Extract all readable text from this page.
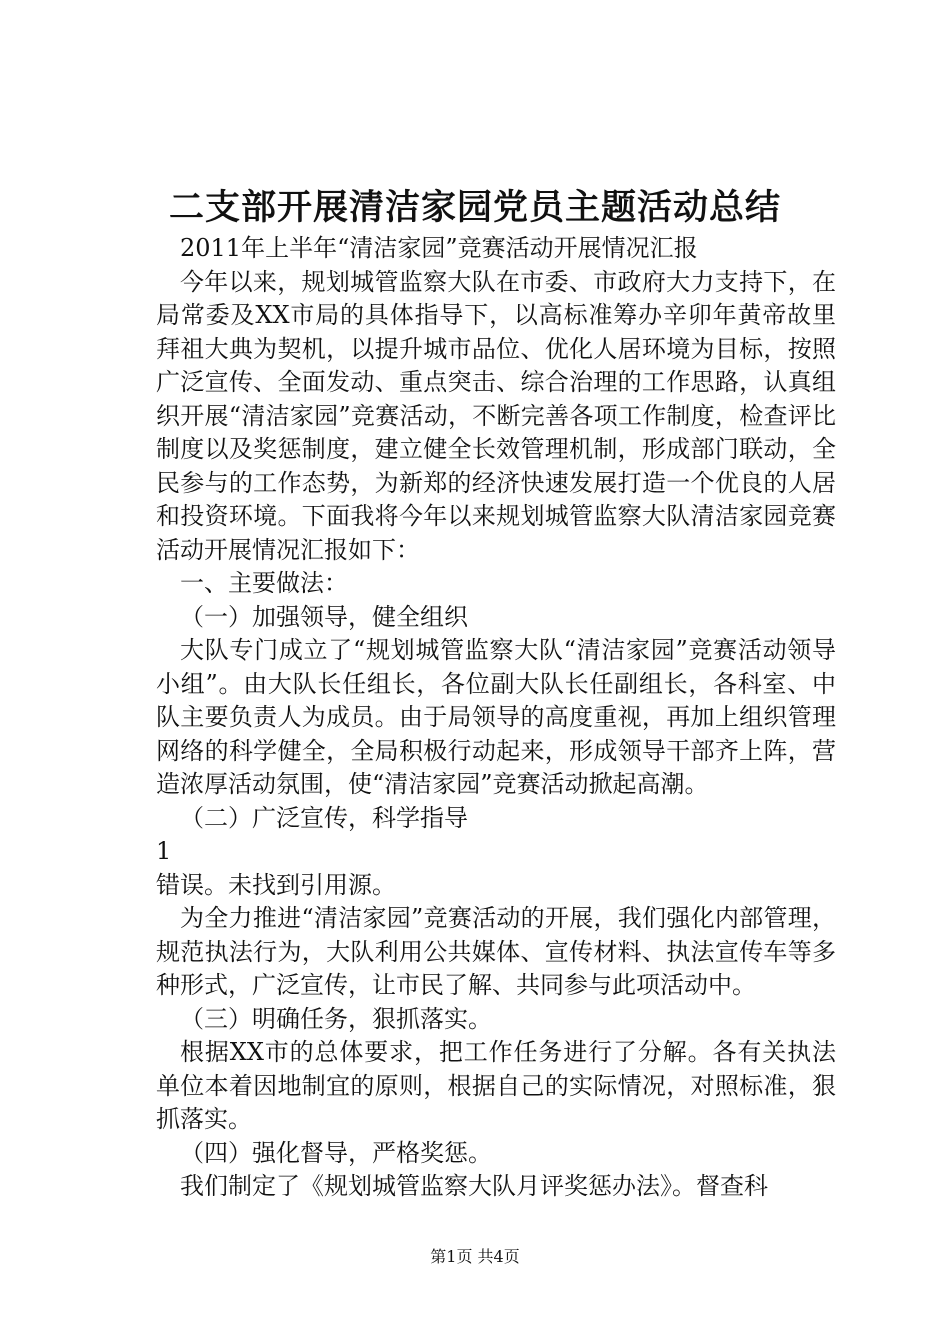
二支部开展清洁家园党员主题活动总结

2011年上半年“清洁家园”竞赛活动开展情况汇报

今年以来，规划城管监察大队在市委、市政府大力支持下，在局常委及XX市局的具体指导下，以高标准筹办辛卯年黄帝故里拜祖大典为契机，以提升城市品位、优化人居环境为目标，按照广泛宣传、全面发动、重点突击、综合治理的工作思路，认真组织开展“清洁家园”竞赛活动，不断完善各项工作制度，检查评比制度以及奖惩制度，建立健全长效管理机制，形成部门联动，全民参与的工作态势，为新郑的经济快速发展打造一个优良的人居和投资环境。下面我将今年以来规划城管监察大队清洁家园竞赛活动开展情况汇报如下：

一、主要做法：

（一）加强领导，健全组织

大队专门成立了“规划城管监察大队“清洁家园”竞赛活动领导小组”。由大队长任组长，各位副大队长任副组长，各科室、中队主要负责人为成员。由于局领导的高度重视，再加上组织管理网络的科学健全，全局积极行动起来，形成领导干部齐上阵，营造浓厚活动氛围，使“清洁家园”竞赛活动掀起高潮。

（二）广泛宣传，科学指导

1

错误。未找到引用源。

为全力推进“清洁家园”竞赛活动的开展，我们强化内部管理，规范执法行为，大队利用公共媒体、宣传材料、执法宣传车等多种形式，广泛宣传，让市民了解、共同参与此项活动中。

（三）明确任务，狠抓落实。

根据XX市的总体要求，把工作任务进行了分解。各有关执法单位本着因地制宜的原则，根据自己的实际情况，对照标准，狠抓落实。

（四）强化督导，严格奖惩。

我们制定了《规划城管监察大队月评奖惩办法》。督查科

第1页 共4页
